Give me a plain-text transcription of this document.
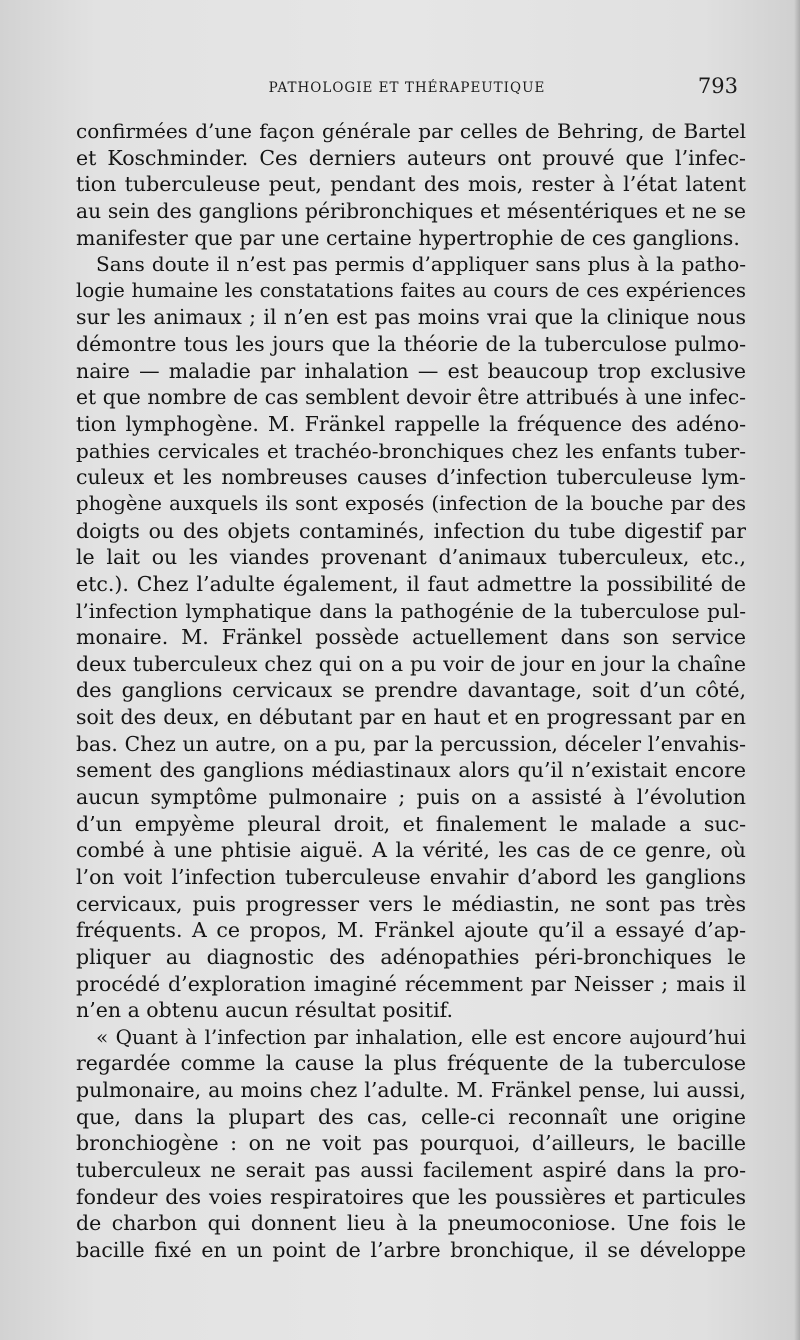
PATHOLOGIE ET THÉRAPEUTIQUE	793
confirmées d’une façon générale par celles de Behring, de Bartel
et Koschminder. Ces derniers auteurs ont prouvé que l’infec-
tion tuberculeuse peut, pendant des mois, rester à l’état latent
au sein des ganglions péribronchiques et mésentériques et ne se
manifester que par une certaine hypertrophie de ces ganglions.
Sans doute il n’est pas permis d’appliquer sans plus à la patho-
logie humaine les constatations faites au cours de ces expériences
sur les animaux ; il n’en est pas moins vrai que la clinique nous
démontre tous les jours que la théorie de la tuberculose pulmo-
naire — maladie par inhalation — est beaucoup trop exclusive
et que nombre de cas semblent devoir être attribués à une infec-
tion lymphogène. M. Fränkel rappelle la fréquence des adéno-
pathies cervicales et trachéo-bronchiques chez les enfants tuber-
culeux et les nombreuses causes d’infection tuberculeuse lym-
phogène auxquels ils sont exposés (infection de la bouche par des
doigts ou des objets contaminés, infection du tube digestif par
le lait ou les viandes provenant d’animaux tuberculeux, etc.,
etc.). Chez l’adulte également, il faut admettre la possibilité de
l’infection lymphatique dans la pathogénie de la tuberculose pul-
monaire. M. Fränkel possède actuellement dans son service
deux tuberculeux chez qui on a pu voir de jour en jour la chaîne
des ganglions cervicaux se prendre davantage, soit d’un côté,
soit des deux, en débutant par en haut et en progressant par en
bas. Chez un autre, on a pu, par la percussion, déceler l’envahis-
sement des ganglions médiastinaux alors qu’il n’existait encore
aucun symptôme pulmonaire ; puis on a assisté à l’évolution
d’un empyème pleural droit, et finalement le malade a suc-
combé à une phtisie aiguë. A la vérité, les cas de ce genre, où
l’on voit l’infection tuberculeuse envahir d’abord les ganglions
cervicaux, puis progresser vers le médiastin, ne sont pas très
fréquents. A ce propos, M. Fränkel ajoute qu’il a essayé d’ap-
pliquer au diagnostic des adénopathies péri-bronchiques le
procédé d’exploration imaginé récemment par Neisser ; mais il
n’en a obtenu aucun résultat positif.
« Quant à l’infection par inhalation, elle est encore aujourd’hui
regardée comme la cause la plus fréquente de la tuberculose
pulmonaire, au moins chez l’adulte. M. Fränkel pense, lui aussi,
que, dans la plupart des cas, celle-ci reconnaît une origine
bronchiogène : on ne voit pas pourquoi, d’ailleurs, le bacille
tuberculeux ne serait pas aussi facilement aspiré dans la pro-
fondeur des voies respiratoires que les poussières et particules
de charbon qui donnent lieu à la pneumoconiose. Une fois le
bacille fixé en un point de l’arbre bronchique, il se développe
